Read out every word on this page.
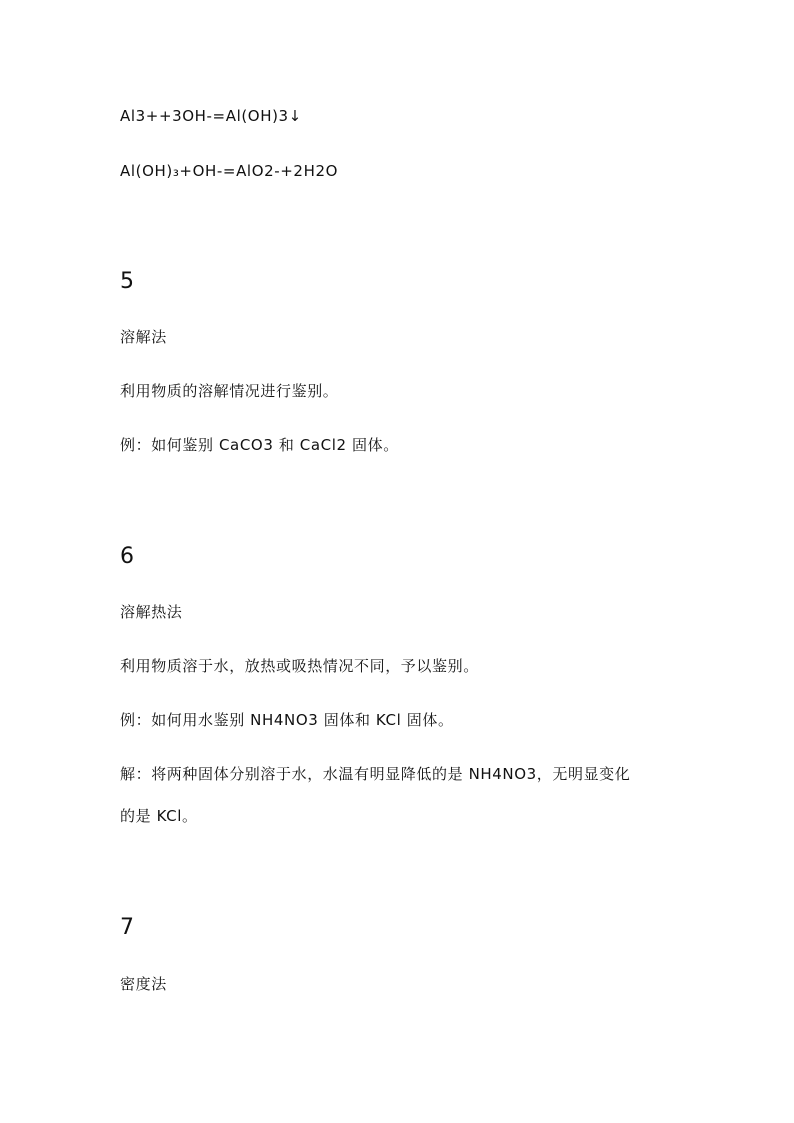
Al3++3OH-=Al(OH)3↓
Al(OH)₃+OH-=AlO2-+2H2O
5
溶解法
利用物质的溶解情况进行鉴别。
例：如何鉴别 CaCO3 和 CaCl2 固体。
6
溶解热法
利用物质溶于水，放热或吸热情况不同，予以鉴别。
例：如何用水鉴别 NH4NO3 固体和 KCl 固体。
解：将两种固体分别溶于水，水温有明显降低的是 NH4NO3，无明显变化
的是 KCl。
7
密度法
